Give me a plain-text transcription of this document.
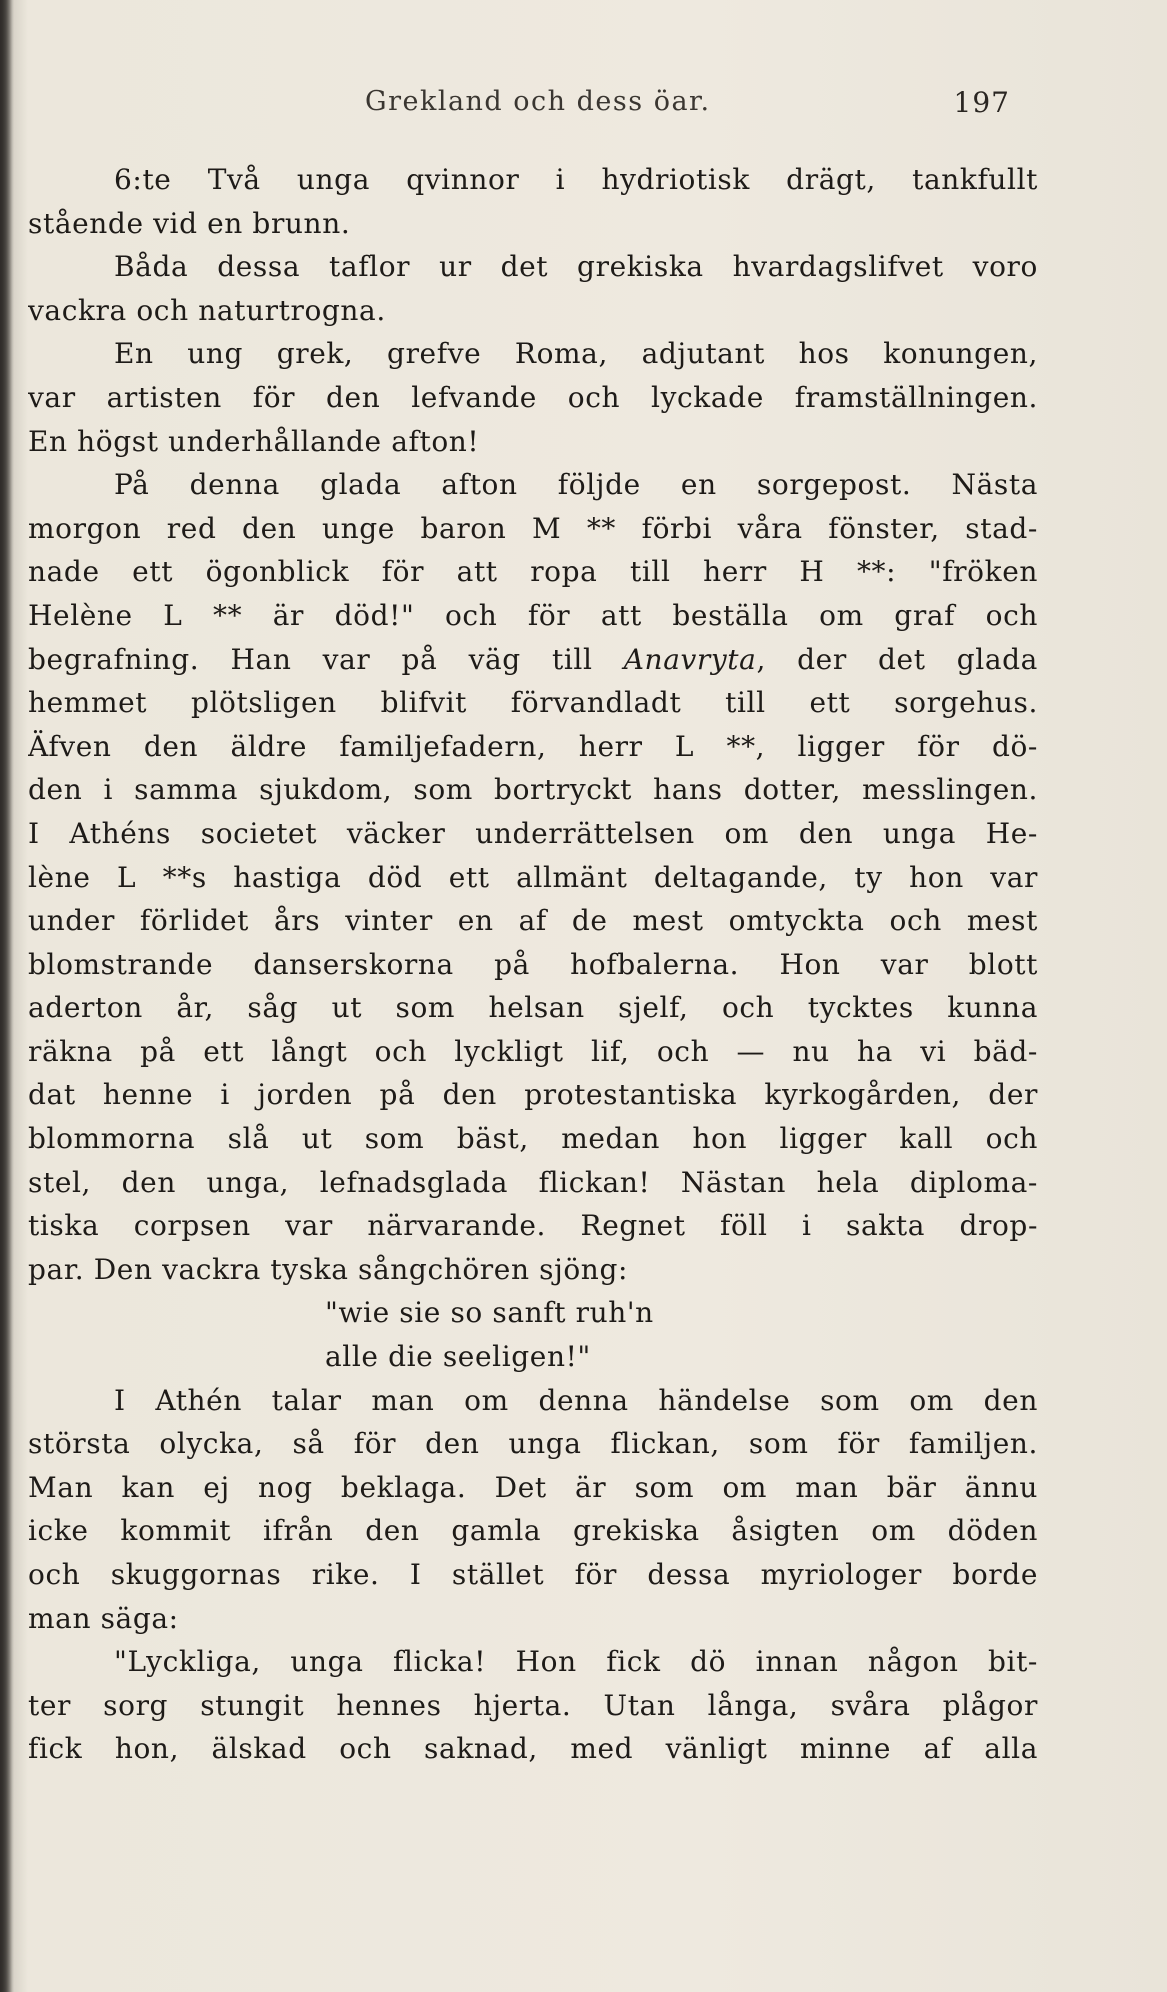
Grekland och dess öar.	197
6:te Två unga qvinnor i hydriotisk drägt, tankfullt
stående vid en brunn.
Båda dessa taflor ur det grekiska hvardagslifvet voro
vackra och naturtrogna.
En ung grek, grefve Roma, adjutant hos konungen,
var artisten för den lefvande och lyckade framställningen.
En högst underhållande afton!
På denna glada afton följde en sorgepost. Nästa
morgon red den unge baron M ** förbi våra fönster, stad-
nade ett ögonblick för att ropa till herr H **: "fröken
Helène L ** är död!" och för att beställa om graf och
begrafning. Han var på väg till Anavryta, der det glada
hemmet plötsligen blifvit förvandladt till ett sorgehus.
Äfven den äldre familjefadern, herr L **, ligger för dö-
den i samma sjukdom, som bortryckt hans dotter, messlingen.
I Athéns societet väcker underrättelsen om den unga He-
lène L **s hastiga död ett allmänt deltagande, ty hon var
under förlidet års vinter en af de mest omtyckta och mest
blomstrande danserskorna på hofbalerna. Hon var blott
aderton år, såg ut som helsan sjelf, och tycktes kunna
räkna på ett långt och lyckligt lif, och — nu ha vi bäd-
dat henne i jorden på den protestantiska kyrkogården, der
blommorna slå ut som bäst, medan hon ligger kall och
stel, den unga, lefnadsglada flickan! Nästan hela diploma-
tiska corpsen var närvarande. Regnet föll i sakta drop-
par. Den vackra tyska sångchören sjöng:
"wie sie so sanft ruh'n
alle die seeligen!"
I Athén talar man om denna händelse som om den
största olycka, så för den unga flickan, som för familjen.
Man kan ej nog beklaga. Det är som om man bär ännu
icke kommit ifrån den gamla grekiska åsigten om döden
och skuggornas rike. I stället för dessa myriologer borde
man säga:
"Lyckliga, unga flicka! Hon fick dö innan någon bit-
ter sorg stungit hennes hjerta. Utan långa, svåra plågor
fick hon, älskad och saknad, med vänligt minne af alla
